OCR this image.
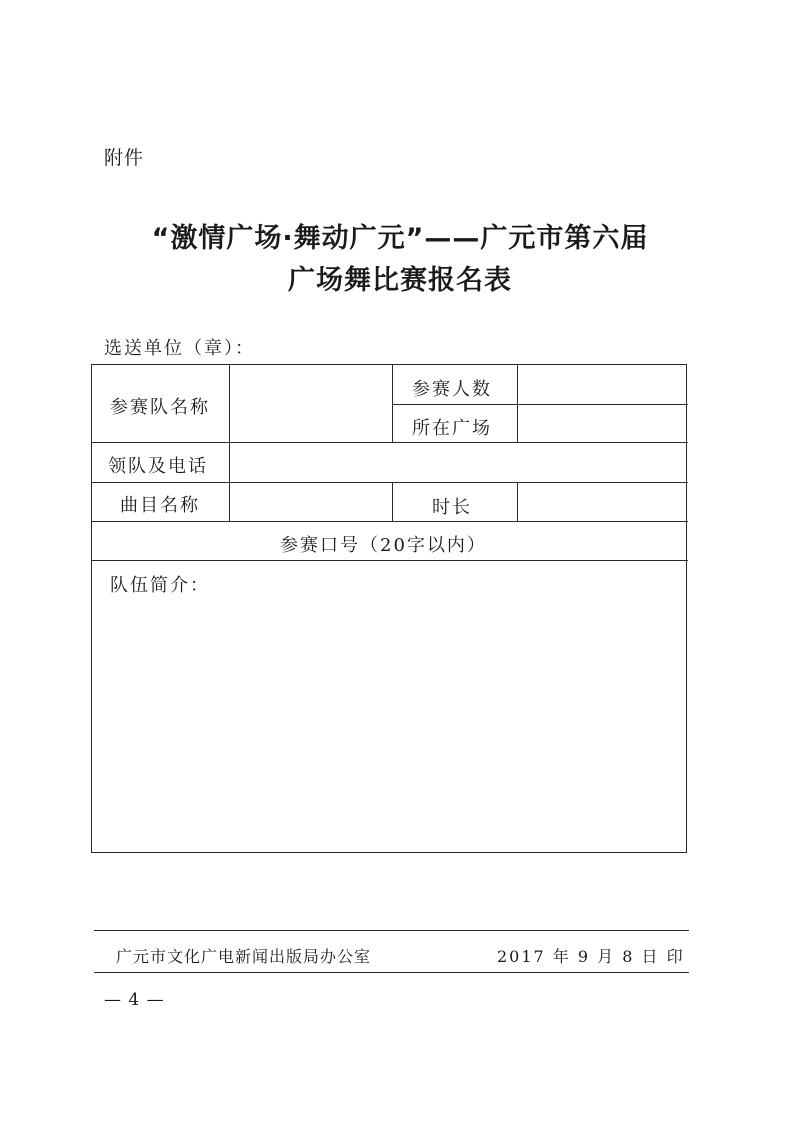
附件
“激情广场·舞动广元”——广元市第六届
广场舞比赛报名表
选送单位（章）：
参赛队名称
参赛人数
所在广场
领队及电话
曲目名称	时长
参赛口号（20字以内）
队伍简介：
广元市文化广电新闻出版局办公室	2017 年 9 月 8 日 印
— 4 —
